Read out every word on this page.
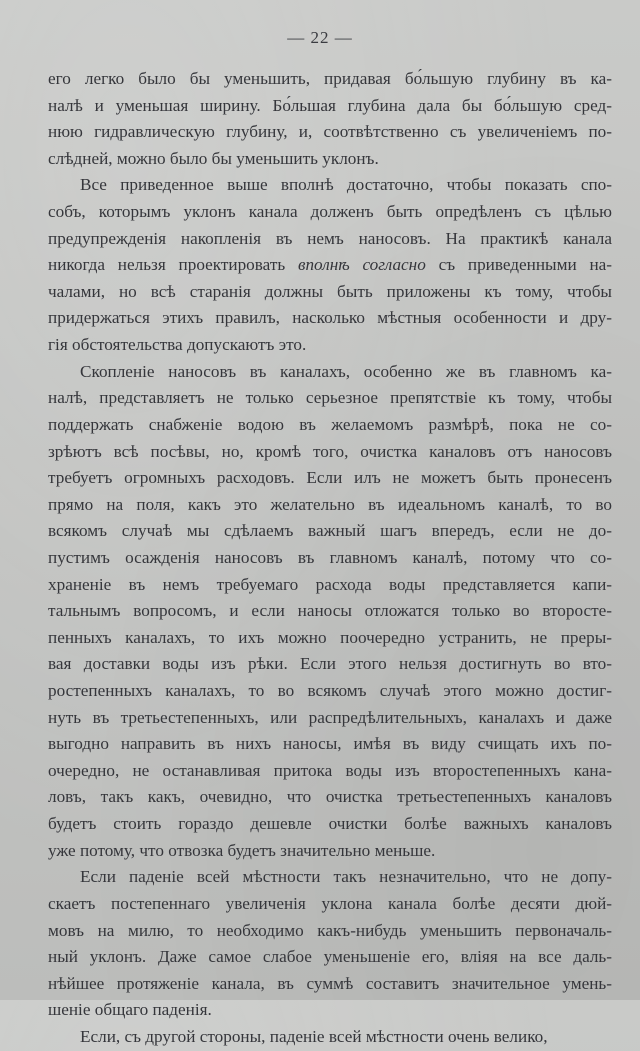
— 22 —
его легко было бы уменьшить, придавая бо́льшую глубину въ ка-
налѣ и уменьшая ширину. Бо́льшая глубина дала бы бо́льшую сред-
нюю гидравлическую глубину, и, соотвѣтственно съ увеличенiемъ по-
слѣдней, можно было бы уменьшить уклонъ.
Все приведенное выше вполнѣ достаточно, чтобы показать спо-
собъ, которымъ уклонъ канала долженъ быть опредѣленъ съ цѣлью
предупрежденiя накопленiя въ немъ наносовъ. На практикѣ канала
никогда нельзя проектировать вполнѣ согласно съ приведенными на-
чалами, но всѣ старанiя должны быть приложены къ тому, чтобы
придержаться этихъ правилъ, насколько мѣстныя особенности и дру-
гiя обстоятельства допускаютъ это.
Скопленiе наносовъ въ каналахъ, особенно же въ главномъ ка-
налѣ, представляетъ не только серьезное препятствiе къ тому, чтобы
поддержать снабженiе водою въ желаемомъ размѣрѣ, пока не со-
зрѣютъ всѣ посѣвы, но, кромѣ того, очистка каналовъ отъ наносовъ
требуетъ огромныхъ расходовъ. Если илъ не можетъ быть пронесенъ
прямо на поля, какъ это желательно въ идеальномъ каналѣ, то во
всякомъ случаѣ мы сдѣлаемъ важный шагъ впередъ, если не до-
пустимъ осажденiя наносовъ въ главномъ каналѣ, потому что со-
храненiе въ немъ требуемаго расхода воды представляется капи-
тальнымъ вопросомъ, и если наносы отложатся только во второсте-
пенныхъ каналахъ, то ихъ можно поочередно устранить, не преры-
вая доставки воды изъ рѣки. Если этого нельзя достигнуть во вто-
ростепенныхъ каналахъ, то во всякомъ случаѣ этого можно достиг-
нуть въ третьестепенныхъ, или распредѣлительныхъ, каналахъ и даже
выгодно направить въ нихъ наносы, имѣя въ виду счищать ихъ по-
очередно, не останавливая притока воды изъ второстепенныхъ кана-
ловъ, такъ какъ, очевидно, что очистка третьестепенныхъ каналовъ
будетъ стоить гораздо дешевле очистки болѣе важныхъ каналовъ
уже потому, что отвозка будетъ значительно меньше.
Если паденiе всей мѣстности такъ незначительно, что не допу-
скаетъ постепеннаго увеличенiя уклона канала болѣе десяти дюй-
мовъ на милю, то необходимо какъ-нибудь уменьшить первоначаль-
ный уклонъ. Даже самое слабое уменьшенiе его, влiяя на все даль-
нѣйшее протяженiе канала, въ суммѣ составитъ значительное умень-
шенiе общаго паденiя.
Если, съ другой стороны, паденiе всей мѣстности очень велико,
